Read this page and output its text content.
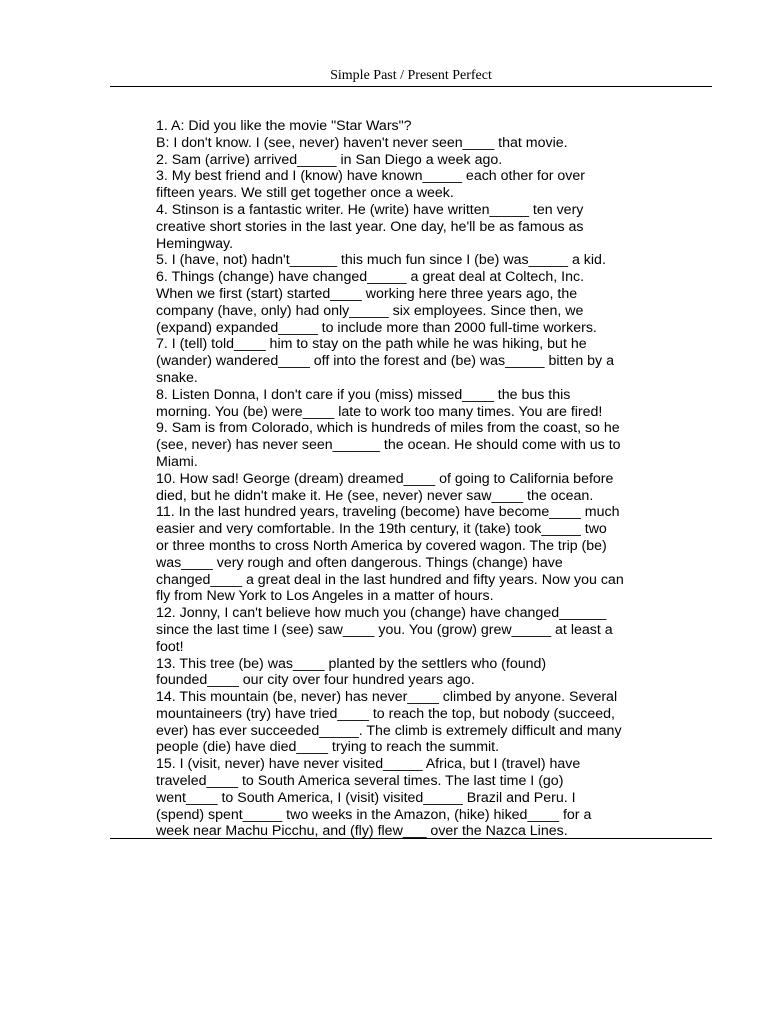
Simple Past / Present Perfect
1. A: Did you like the movie "Star Wars"?
B: I don't know. I (see, never) haven't never seen____ that movie.
2. Sam (arrive) arrived_____ in San Diego a week ago.
3. My best friend and I (know) have known_____ each other for over
fifteen years. We still get together once a week.
4. Stinson is a fantastic writer. He (write) have written_____ ten very
creative short stories in the last year. One day, he'll be as famous as
Hemingway.
5. I (have, not) hadn't______ this much fun since I (be) was_____ a kid.
6. Things (change) have changed_____ a great deal at Coltech, Inc.
When we first (start) started____ working here three years ago, the
company (have, only) had only_____ six employees. Since then, we
(expand) expanded_____ to include more than 2000 full-time workers.
7. I (tell) told____ him to stay on the path while he was hiking, but he
(wander) wandered____ off into the forest and (be) was_____ bitten by a
snake.
8. Listen Donna, I don't care if you (miss) missed____ the bus this
morning. You (be) were____ late to work too many times. You are fired!
9. Sam is from Colorado, which is hundreds of miles from the coast, so he
(see, never) has never seen______ the ocean. He should come with us to
Miami.
10. How sad! George (dream) dreamed____ of going to California before
died, but he didn't make it. He (see, never) never saw____ the ocean.
11. In the last hundred years, traveling (become) have become____ much
easier and very comfortable. In the 19th century, it (take) took_____ two
or three months to cross North America by covered wagon. The trip (be)
was____ very rough and often dangerous. Things (change) have
changed____ a great deal in the last hundred and fifty years. Now you can
fly from New York to Los Angeles in a matter of hours.
12. Jonny, I can't believe how much you (change) have changed______
since the last time I (see) saw____ you. You (grow) grew_____ at least a
foot!
13. This tree (be) was____ planted by the settlers who (found)
founded____ our city over four hundred years ago.
14. This mountain (be, never) has never____ climbed by anyone. Several
mountaineers (try) have tried____ to reach the top, but nobody (succeed,
ever) has ever succeeded_____. The climb is extremely difficult and many
people (die) have died____ trying to reach the summit.
15. I (visit, never) have never visited_____ Africa, but I (travel) have
traveled____ to South America several times. The last time I (go)
went____ to South America, I (visit) visited_____ Brazil and Peru. I
(spend) spent_____ two weeks in the Amazon, (hike) hiked____ for a
week near Machu Picchu, and (fly) flew___ over the Nazca Lines.
